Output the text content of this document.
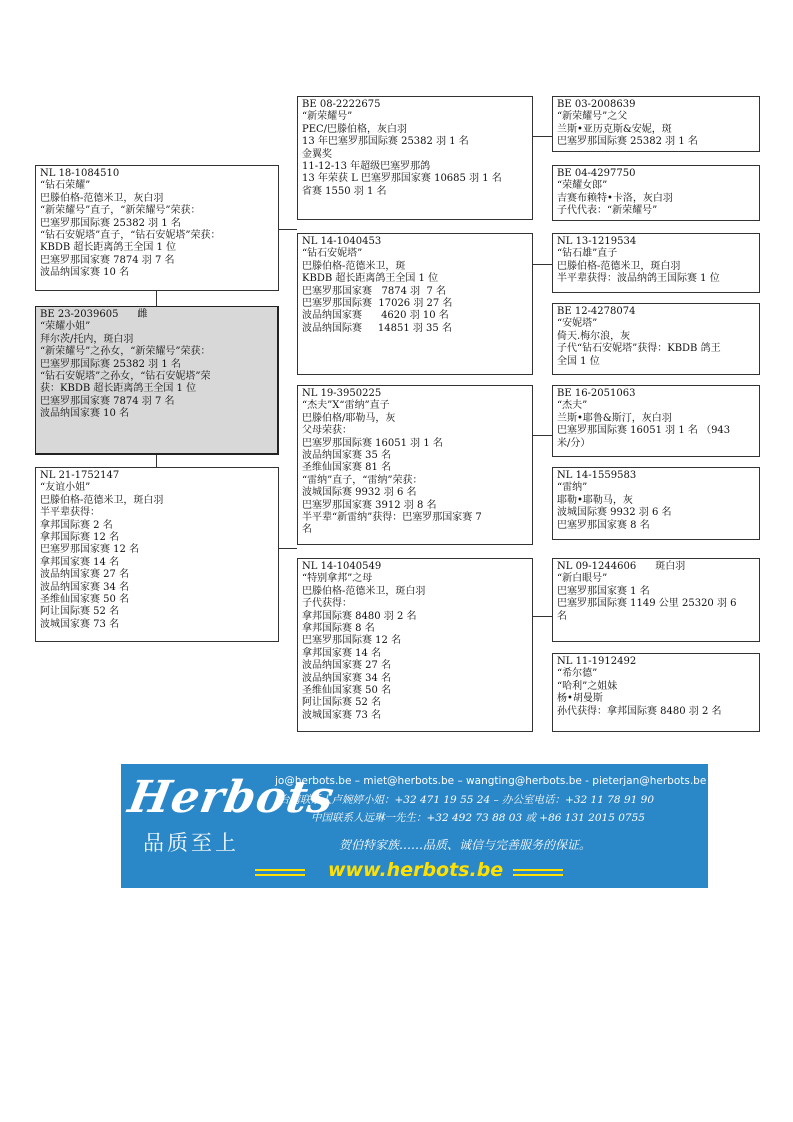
BE 03-2008639
“新荣耀号”之父
兰斯•亚历克斯&安妮，斑
巴塞罗那国际赛 25382 羽 1 名
BE 04-4297750
“荣耀女郎”
吉赛布赖特•卡洛，灰白羽
子代代表：“新荣耀号”
NL 13-1219534
“钻石雄”直子
巴滕伯格-范德米卫，斑白羽
半平辈获得：波品纳鸽王国际赛 1 位
BE 12-4278074
“安妮塔”
倚天.梅尔浪，灰
子代“钻石安妮塔”获得：KBDB 鸽王
全国 1 位
BE 16-2051063
“杰夫”
兰斯•耶鲁&斯汀，灰白羽
巴塞罗那国际赛 16051 羽 1 名 （943
米/分）
NL 14-1559583
“雷纳”
耶勒•耶勒马，灰
波城国际赛 9932 羽 6 名
巴塞罗那国家赛 8 名
NL 09-1244606      斑白羽
“新白眼号”
巴塞罗那国家赛 1 名
巴塞罗那国际赛 1149 公里 25320 羽 6
名
NL 11-1912492
“希尔德”
“哈利”之姐妹
杨•胡曼斯
孙代获得：拿邦国际赛 8480 羽 2 名
BE 08-2222675
“新荣耀号”
PEC/巴滕伯格，灰白羽
13 年巴塞罗那国际赛 25382 羽 1 名
金翼奖
11-12-13 年超级巴塞罗那鸽
13 年荣获 L 巴塞罗那国家赛 10685 羽 1 名
省赛 1550 羽 1 名
NL 14-1040453
“钻石安妮塔”
巴滕伯格-范德米卫，斑
KBDB 超长距离鸽王全国 1 位
巴塞罗那国家赛   7874 羽  7 名
巴塞罗那国际赛  17026 羽 27 名
波品纳国家赛      4620 羽 10 名
波品纳国际赛     14851 羽 35 名
NL 19-3950225
“杰夫”X“雷纳”直子
巴滕伯格/耶勒马，灰
父母荣获：
巴塞罗那国际赛 16051 羽 1 名
波品纳国家赛 35 名
圣维仙国家赛 81 名
“雷纳”直子，“雷纳”荣获：
波城国际赛 9932 羽 6 名
巴塞罗那国家赛 3912 羽 8 名
半平辈“新雷纳”获得：巴塞罗那国家赛 7
名
NL 14-1040549
“特别拿邦”之母
巴滕伯格-范德米卫，斑白羽
子代获得：
拿邦国际赛 8480 羽 2 名
拿邦国际赛 8 名
巴塞罗那国际赛 12 名
拿邦国家赛 14 名
波品纳国家赛 27 名
波品纳国家赛 34 名
圣维仙国家赛 50 名
阿让国际赛 52 名
波城国家赛 73 名
NL 18-1084510
“钻石荣耀”
巴滕伯格-范德米卫，灰白羽
“新荣耀号”直子，“新荣耀号”荣获：
巴塞罗那国际赛 25382 羽 1 名
“钻石安妮塔”直子，“钻石安妮塔”荣获：
KBDB 超长距离鸽王全国 1 位
巴塞罗那国家赛 7874 羽 7 名
波品纳国家赛 10 名
BE 23-2039605      雌
“荣耀小姐”
拜尔茨/托内，斑白羽
“新荣耀号”之孙女，“新荣耀号”荣获：
巴塞罗那国际赛 25382 羽 1 名
“钻石安妮塔”之孙女，“钻石安妮塔”荣
获：KBDB 超长距离鸽王全国 1 位
巴塞罗那国家赛 7874 羽 7 名
波品纳国家赛 10 名
NL 21-1752147
“友谊小姐”
巴滕伯格-范德米卫，斑白羽
半平辈获得：
拿邦国际赛 2 名
拿邦国际赛 12 名
巴塞罗那国家赛 12 名
拿邦国家赛 14 名
波品纳国家赛 27 名
波品纳国家赛 34 名
圣维仙国家赛 50 名
阿让国际赛 52 名
波城国家赛 73 名
Herbots
品质至上
jo@herbots.be – miet@herbots.be – wangting@herbots.be - pieterjan@herbots.be
台湾联系人卢婉婷小姐：+32 471 19 55 24 – 办公室电话：+32 11 78 91 90
中国联系人远琳一先生：+32 492 73 88 03 或 +86 131 2015 0755
贺伯特家族……品质、诚信与完善服务的保证。
www.herbots.be
